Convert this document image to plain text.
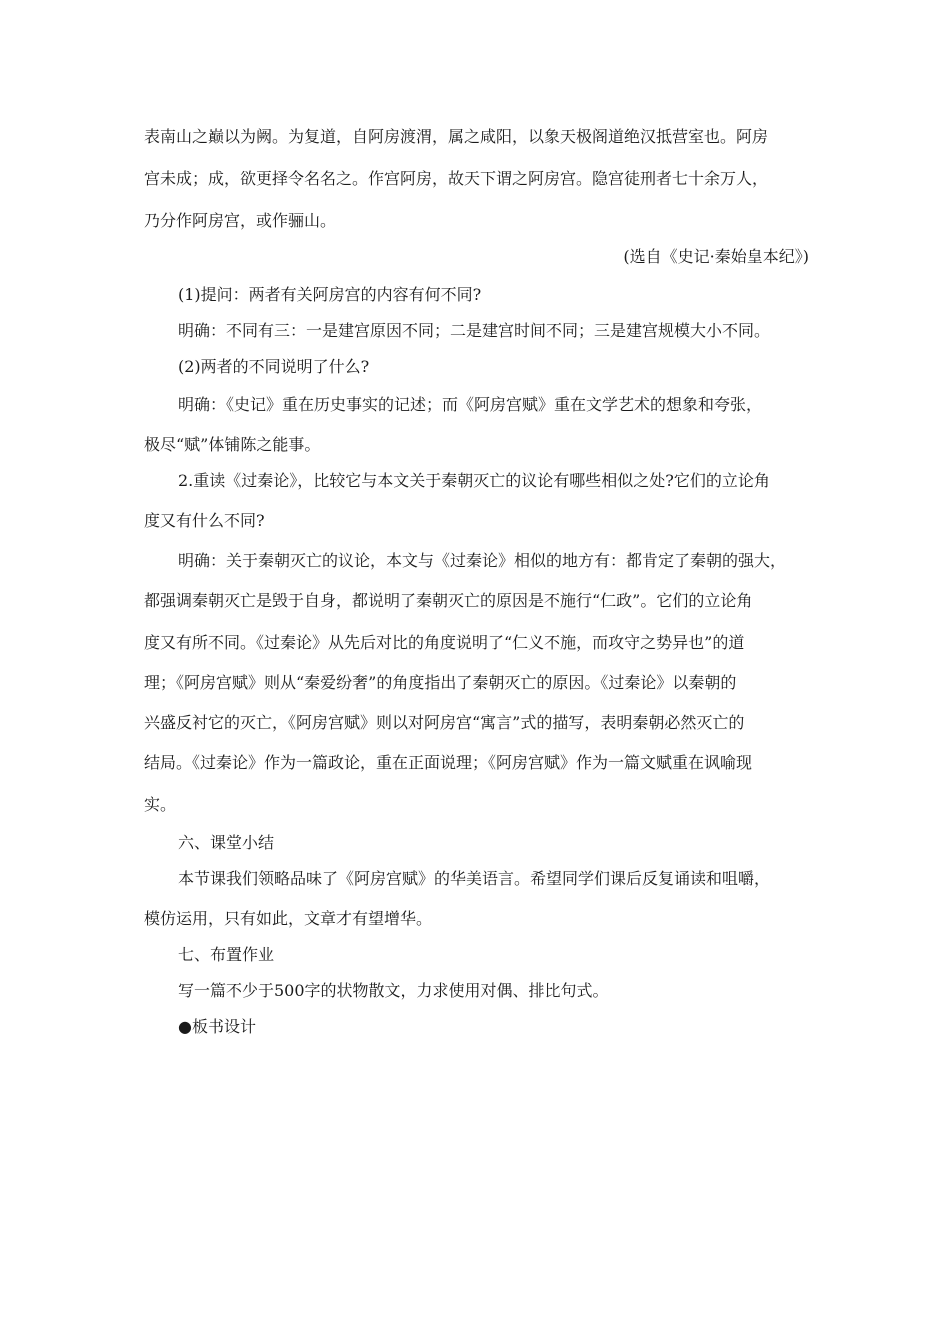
表南山之巅以为阙。为复道，自阿房渡渭，属之咸阳，以象天极阁道绝汉抵营室也。阿房
宫未成；成，欲更择令名名之。作宫阿房，故天下谓之阿房宫。隐宫徒刑者七十余万人，
乃分作阿房宫，或作骊山。
(选自《史记·秦始皇本纪》)
(1)提问：两者有关阿房宫的内容有何不同?
明确：不同有三：一是建宫原因不同；二是建宫时间不同；三是建宫规模大小不同。
(2)两者的不同说明了什么?
明确：《史记》重在历史事实的记述；而《阿房宫赋》重在文学艺术的想象和夸张，
极尽“赋”体铺陈之能事。
2.重读《过秦论》，比较它与本文关于秦朝灭亡的议论有哪些相似之处?它们的立论角
度又有什么不同?
明确：关于秦朝灭亡的议论，本文与《过秦论》相似的地方有：都肯定了秦朝的强大，
都强调秦朝灭亡是毁于自身，都说明了秦朝灭亡的原因是不施行“仁政”。它们的立论角
度又有所不同。《过秦论》从先后对比的角度说明了“仁义不施，而攻守之势异也”的道
理；《阿房宫赋》则从“秦爱纷奢”的角度指出了秦朝灭亡的原因。《过秦论》以秦朝的
兴盛反衬它的灭亡，《阿房宫赋》则以对阿房宫“寓言”式的描写，表明秦朝必然灭亡的
结局。《过秦论》作为一篇政论，重在正面说理；《阿房宫赋》作为一篇文赋重在讽喻现
实。
六、课堂小结
本节课我们领略品味了《阿房宫赋》的华美语言。希望同学们课后反复诵读和咀嚼，
模仿运用，只有如此，文章才有望增华。
七、布置作业
写一篇不少于500字的状物散文，力求使用对偶、排比句式。
●板书设计
